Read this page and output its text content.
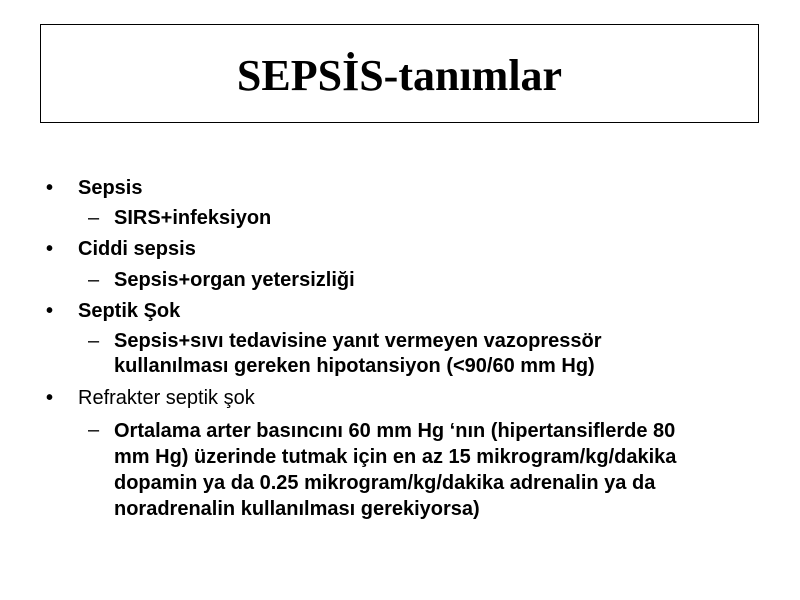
SEPSİS-tanımlar
• Sepsis
– SIRS+infeksiyon
• Ciddi sepsis
– Sepsis+organ yetersizliği
• Septik Şok
– Sepsis+sıvı tedavisine yanıt vermeyen vazopressör
kullanılması gereken hipotansiyon (<90/60 mm Hg)
• Refrakter septik şok
– Ortalama arter basıncını 60 mm Hg ‘nın (hipertansiflerde 80
mm Hg) üzerinde tutmak için en az 15 mikrogram/kg/dakika
dopamin ya da 0.25 mikrogram/kg/dakika adrenalin ya da
noradrenalin kullanılması gerekiyorsa)
